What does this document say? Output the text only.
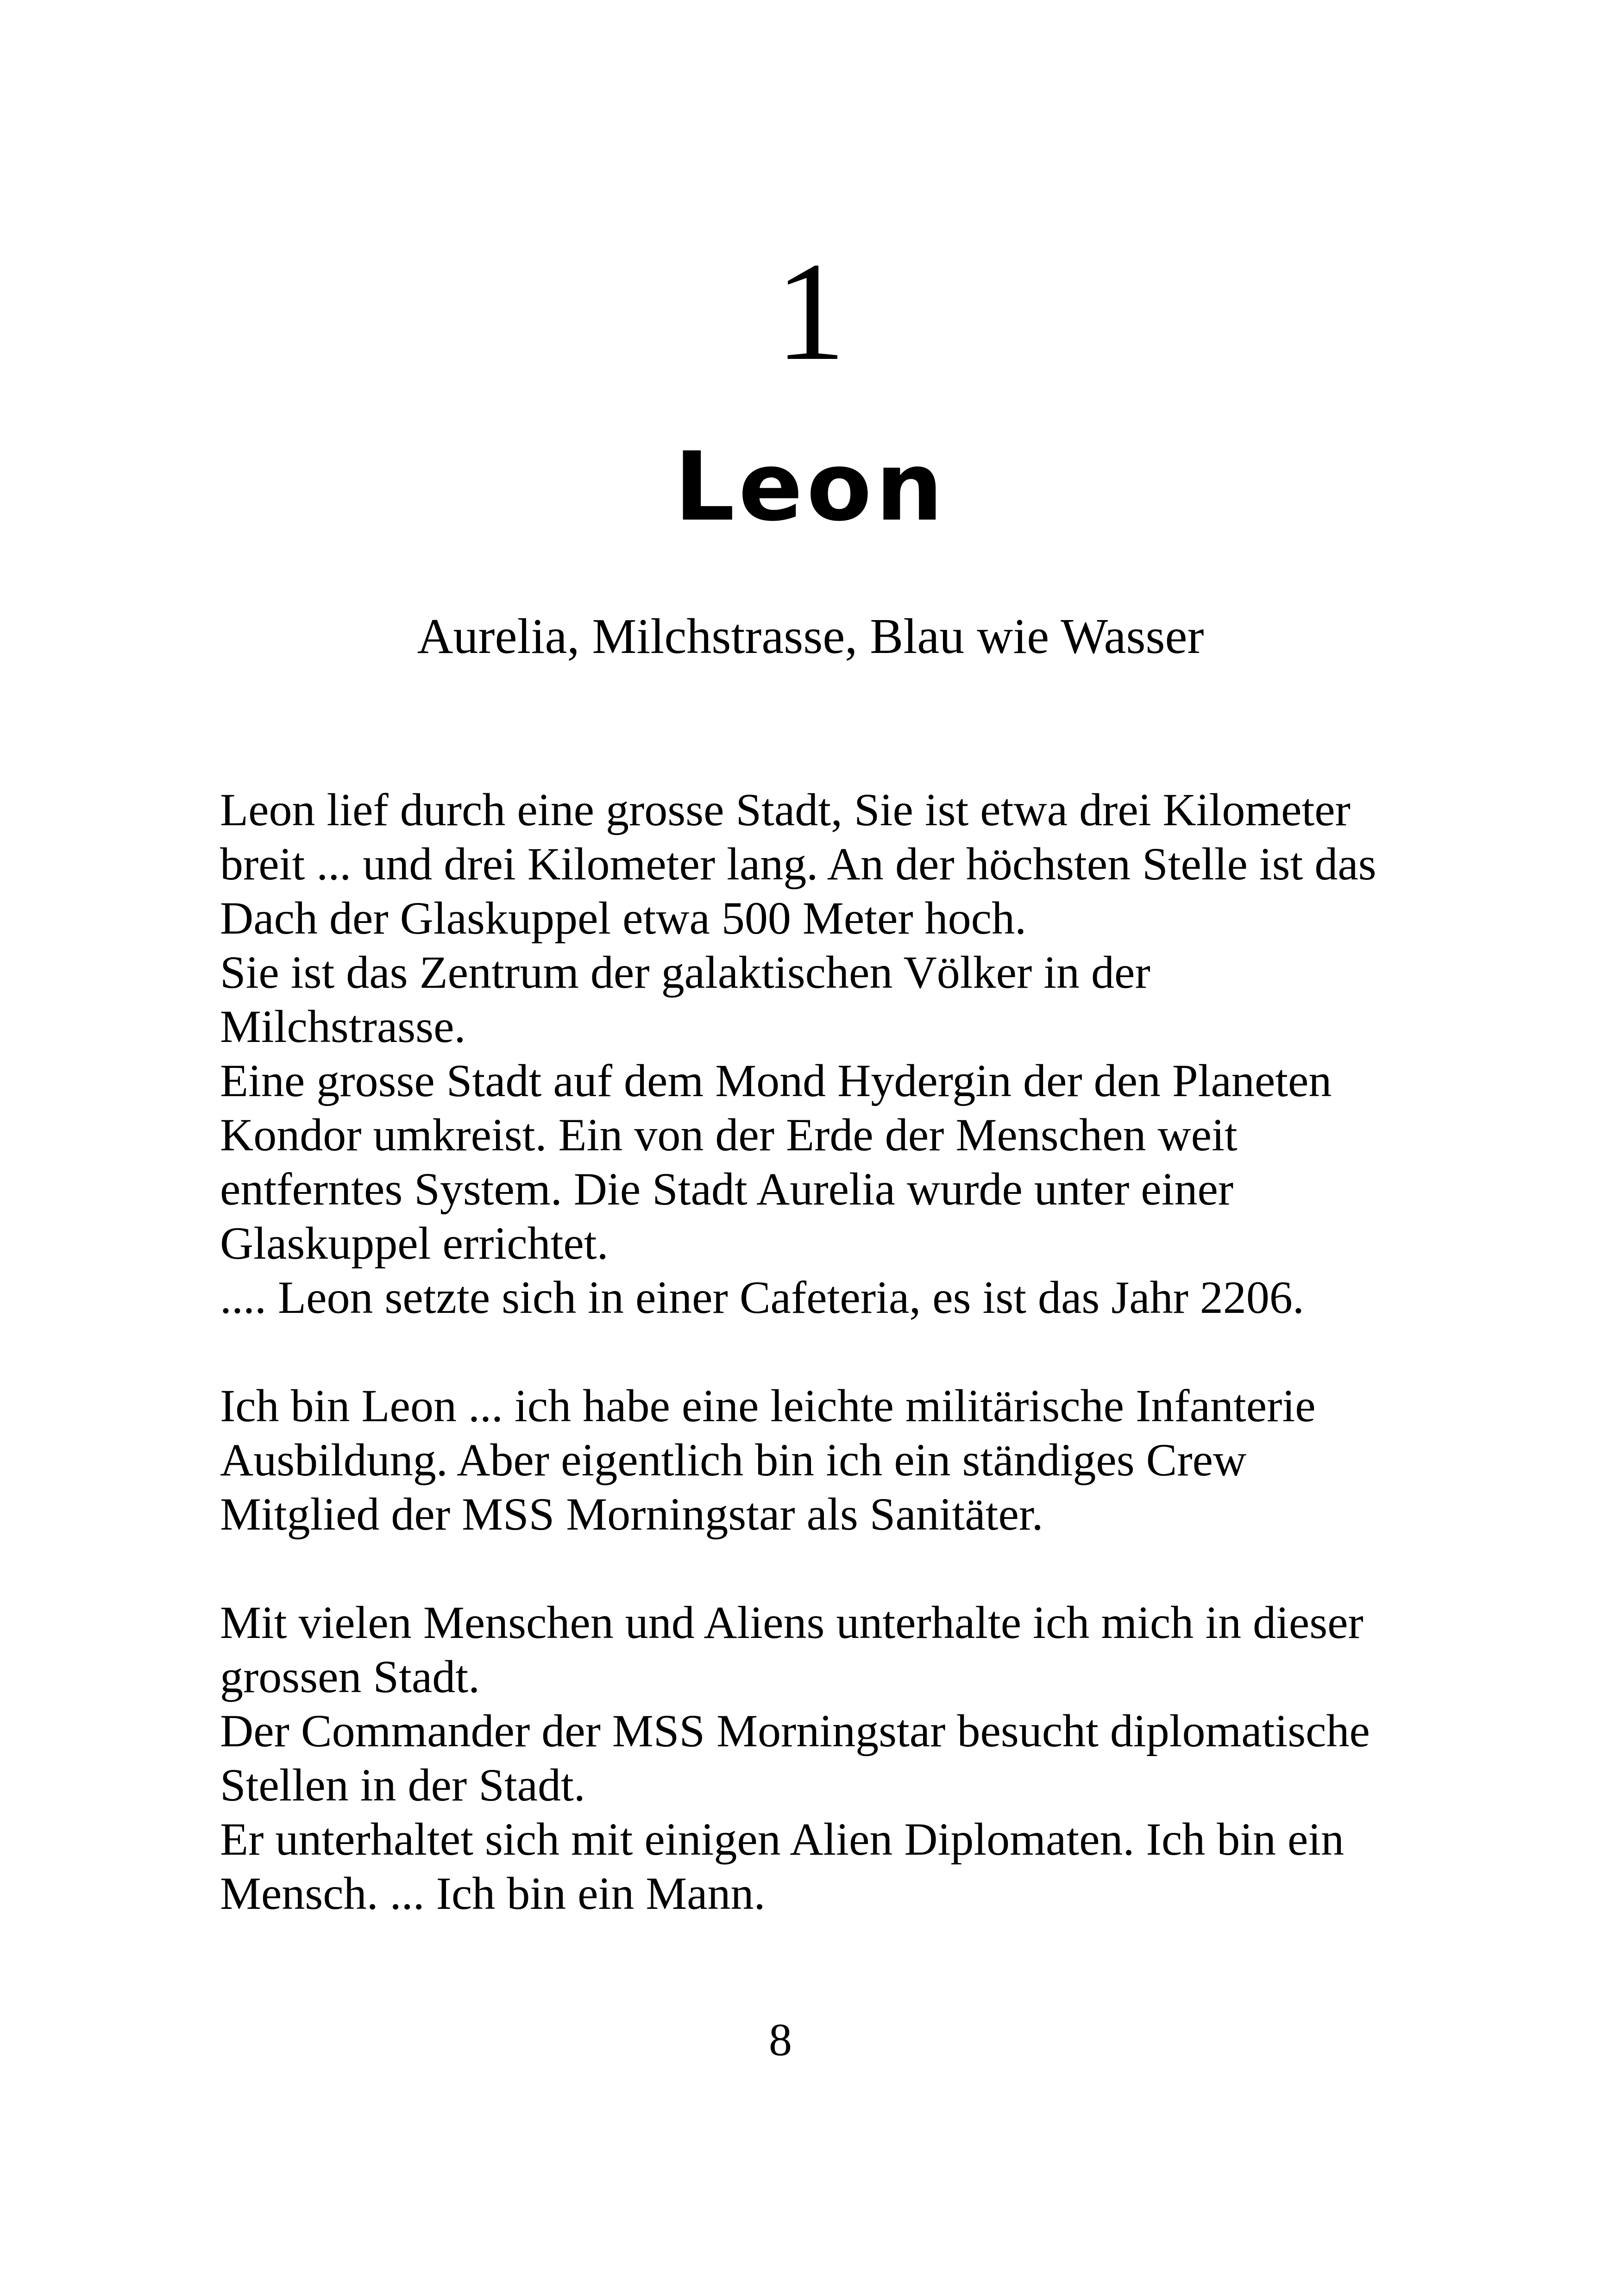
1
Leon
Aurelia, Milchstrasse, Blau wie Wasser
Leon lief durch eine grosse Stadt, Sie ist etwa drei Kilometer
breit ... und drei Kilometer lang. An der höchsten Stelle ist das
Dach der Glaskuppel etwa 500 Meter hoch.
Sie ist das Zentrum der galaktischen Völker in der
Milchstrasse.
Eine grosse Stadt auf dem Mond Hydergin der den Planeten
Kondor umkreist. Ein von der Erde der Menschen weit
entferntes System. Die Stadt Aurelia wurde unter einer
Glaskuppel errichtet.
.... Leon setzte sich in einer Cafeteria, es ist das Jahr 2206.
Ich bin Leon ... ich habe eine leichte militärische Infanterie
Ausbildung. Aber eigentlich bin ich ein ständiges Crew
Mitglied der MSS Morningstar als Sanitäter.
Mit vielen Menschen und Aliens unterhalte ich mich in dieser
grossen Stadt.
Der Commander der MSS Morningstar besucht diplomatische
Stellen in der Stadt.
Er unterhaltet sich mit einigen Alien Diplomaten. Ich bin ein
Mensch. ... Ich bin ein Mann.
8
